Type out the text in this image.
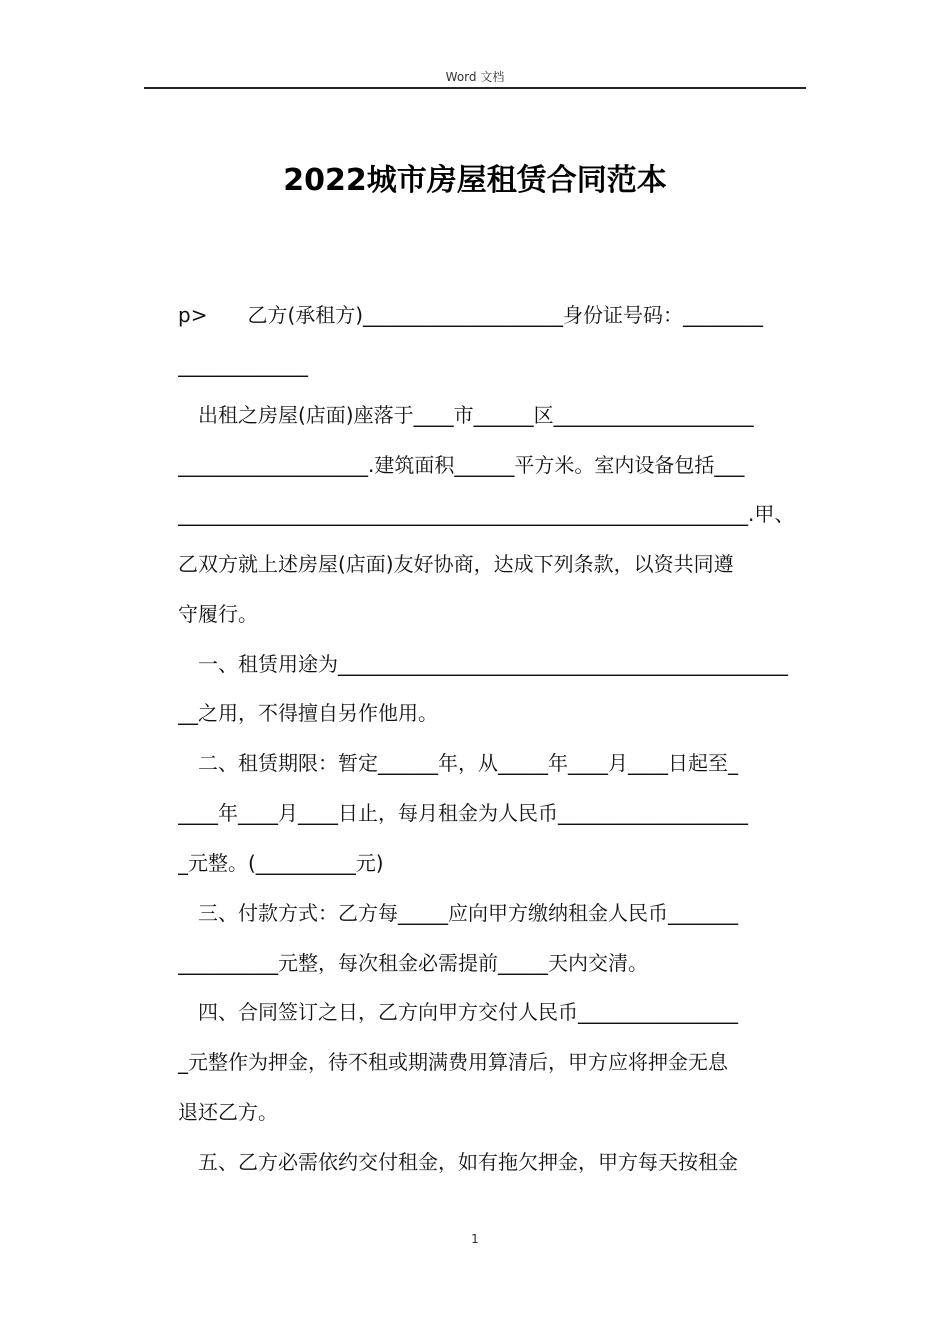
Word 文档
2022城市房屋租赁合同范本
p>　　乙方(承租方)____________________身份证号码：________
_____________
　出租之房屋(店面)座落于____市______区____________________
___________________.建筑面积______平方米。室内设备包括___
_________________________________________________________.甲、
乙双方就上述房屋(店面)友好协商，达成下列条款，以资共同遵
守履行。
　一、租赁用途为_____________________________________________
__之用，不得擅自另作他用。
　二、租赁期限：暂定______年，从_____年____月____日起至_
____年____月____日止，每月租金为人民币___________________
_元整。(__________元)
　三、付款方式：乙方每_____应向甲方缴纳租金人民币_______
__________元整，每次租金必需提前_____天内交清。
　四、合同签订之日，乙方向甲方交付人民币________________
_元整作为押金，待不租或期满费用算清后，甲方应将押金无息
退还乙方。
　五、乙方必需依约交付租金，如有拖欠押金，甲方每天按租金
1
